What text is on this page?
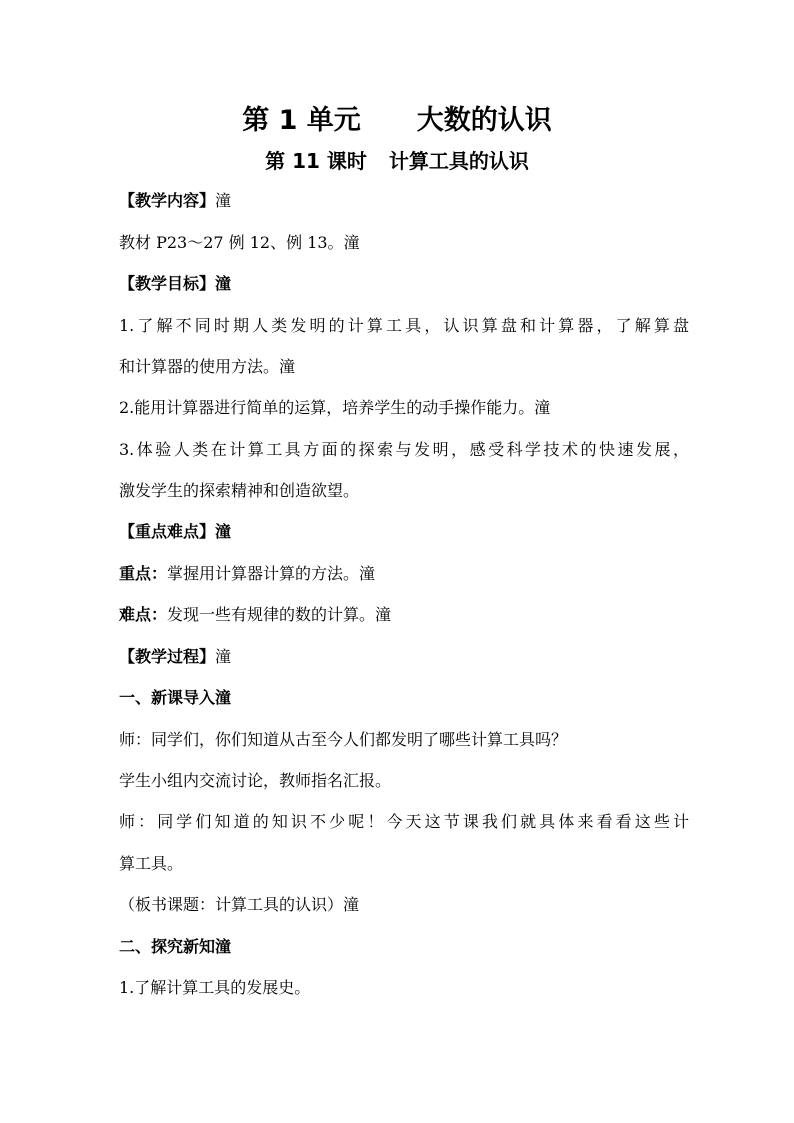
第 1 单元 大数的认识
第 11 课时 计算工具的认识
【教学内容】潼
教材 P23～27 例 12、例 13。潼
【教学目标】潼
1.了解不同时期人类发明的计算工具，认识算盘和计算器，了解算盘
和计算器的使用方法。潼
2.能用计算器进行简单的运算，培养学生的动手操作能力。潼
3.体验人类在计算工具方面的探索与发明，感受科学技术的快速发展，
激发学生的探索精神和创造欲望。
【重点难点】潼
重点：掌握用计算器计算的方法。潼
难点：发现一些有规律的数的计算。潼
【教学过程】潼
一、新课导入潼
师：同学们，你们知道从古至今人们都发明了哪些计算工具吗？
学生小组内交流讨论，教师指名汇报。
师：同学们知道的知识不少呢！今天这节课我们就具体来看看这些计
算工具。
（板书课题：计算工具的认识）潼
二、探究新知潼
1.了解计算工具的发展史。
